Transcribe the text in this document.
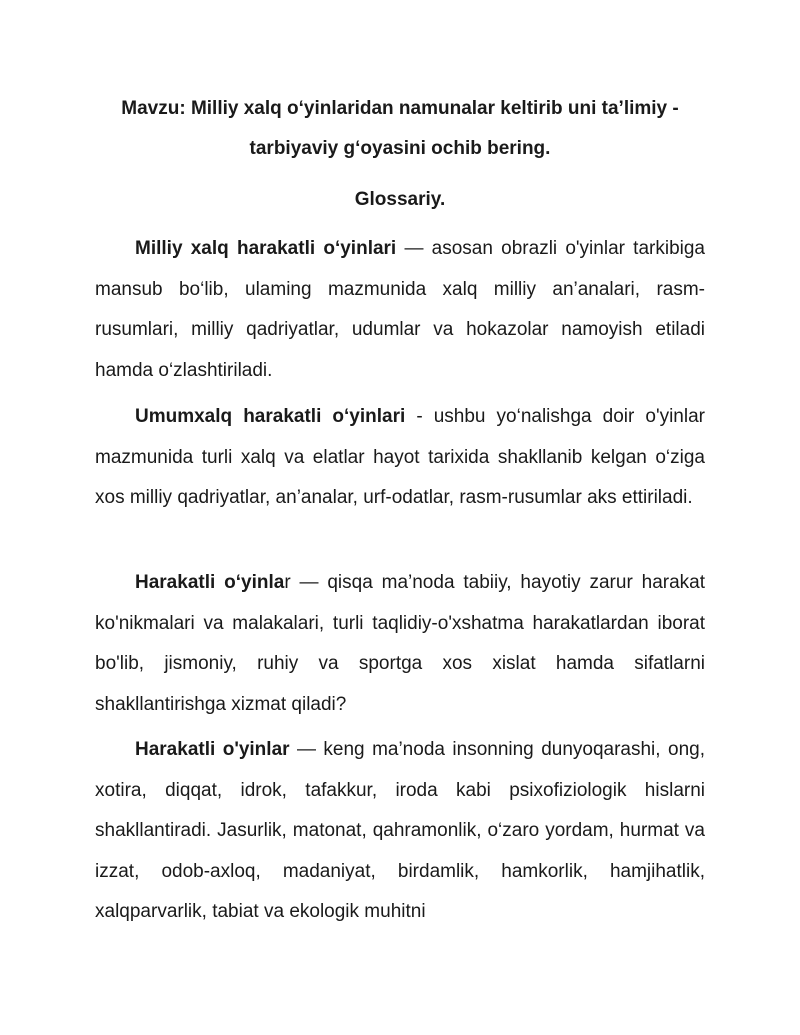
Mavzu: Milliy xalq o‘yinlaridan namunalar keltirib uni ta’limiy -

tarbiyaviy g‘oyasini ochib bering.

Glossariy.

Milliy xalq harakatli o‘yinlari — asosan obrazli o'yinlar tarkibiga mansub bo‘lib, ulaming mazmunida xalq milliy an’analari, rasm-rusumlari, milliy qadriyatlar, udumlar va hokazolar namoyish etiladi hamda o‘zlashtiriladi.

Umumxalq harakatli o‘yinlari - ushbu yo‘nalishga doir o'yinlar mazmunida turli xalq va elatlar hayot tarixida shakllanib kelgan o‘ziga xos milliy qadriyatlar, an’analar, urf-odatlar, rasm-rusumlar aks ettiriladi.

Harakatli o‘yinlar — qisqa ma’noda tabiiy, hayotiy zarur harakat ko'nikmalari va malakalari, turli taqlidiy-o'xshatma harakatlardan iborat bo'lib, jismoniy, ruhiy va sportga xos xislat hamda sifatlarni shakllantirishga xizmat qiladi?

Harakatli o'yinlar — keng ma’noda insonning dunyoqarashi, ong, xotira, diqqat, idrok, tafakkur, iroda kabi psixofiziologik hislarni shakllantiradi. Jasurlik, matonat, qahramonlik, o‘zaro yordam, hurmat va izzat, odob-axloq, madaniyat, birdamlik, hamkorlik, hamjihatlik, xalqparvarlik, tabiat va ekologik muhitni
